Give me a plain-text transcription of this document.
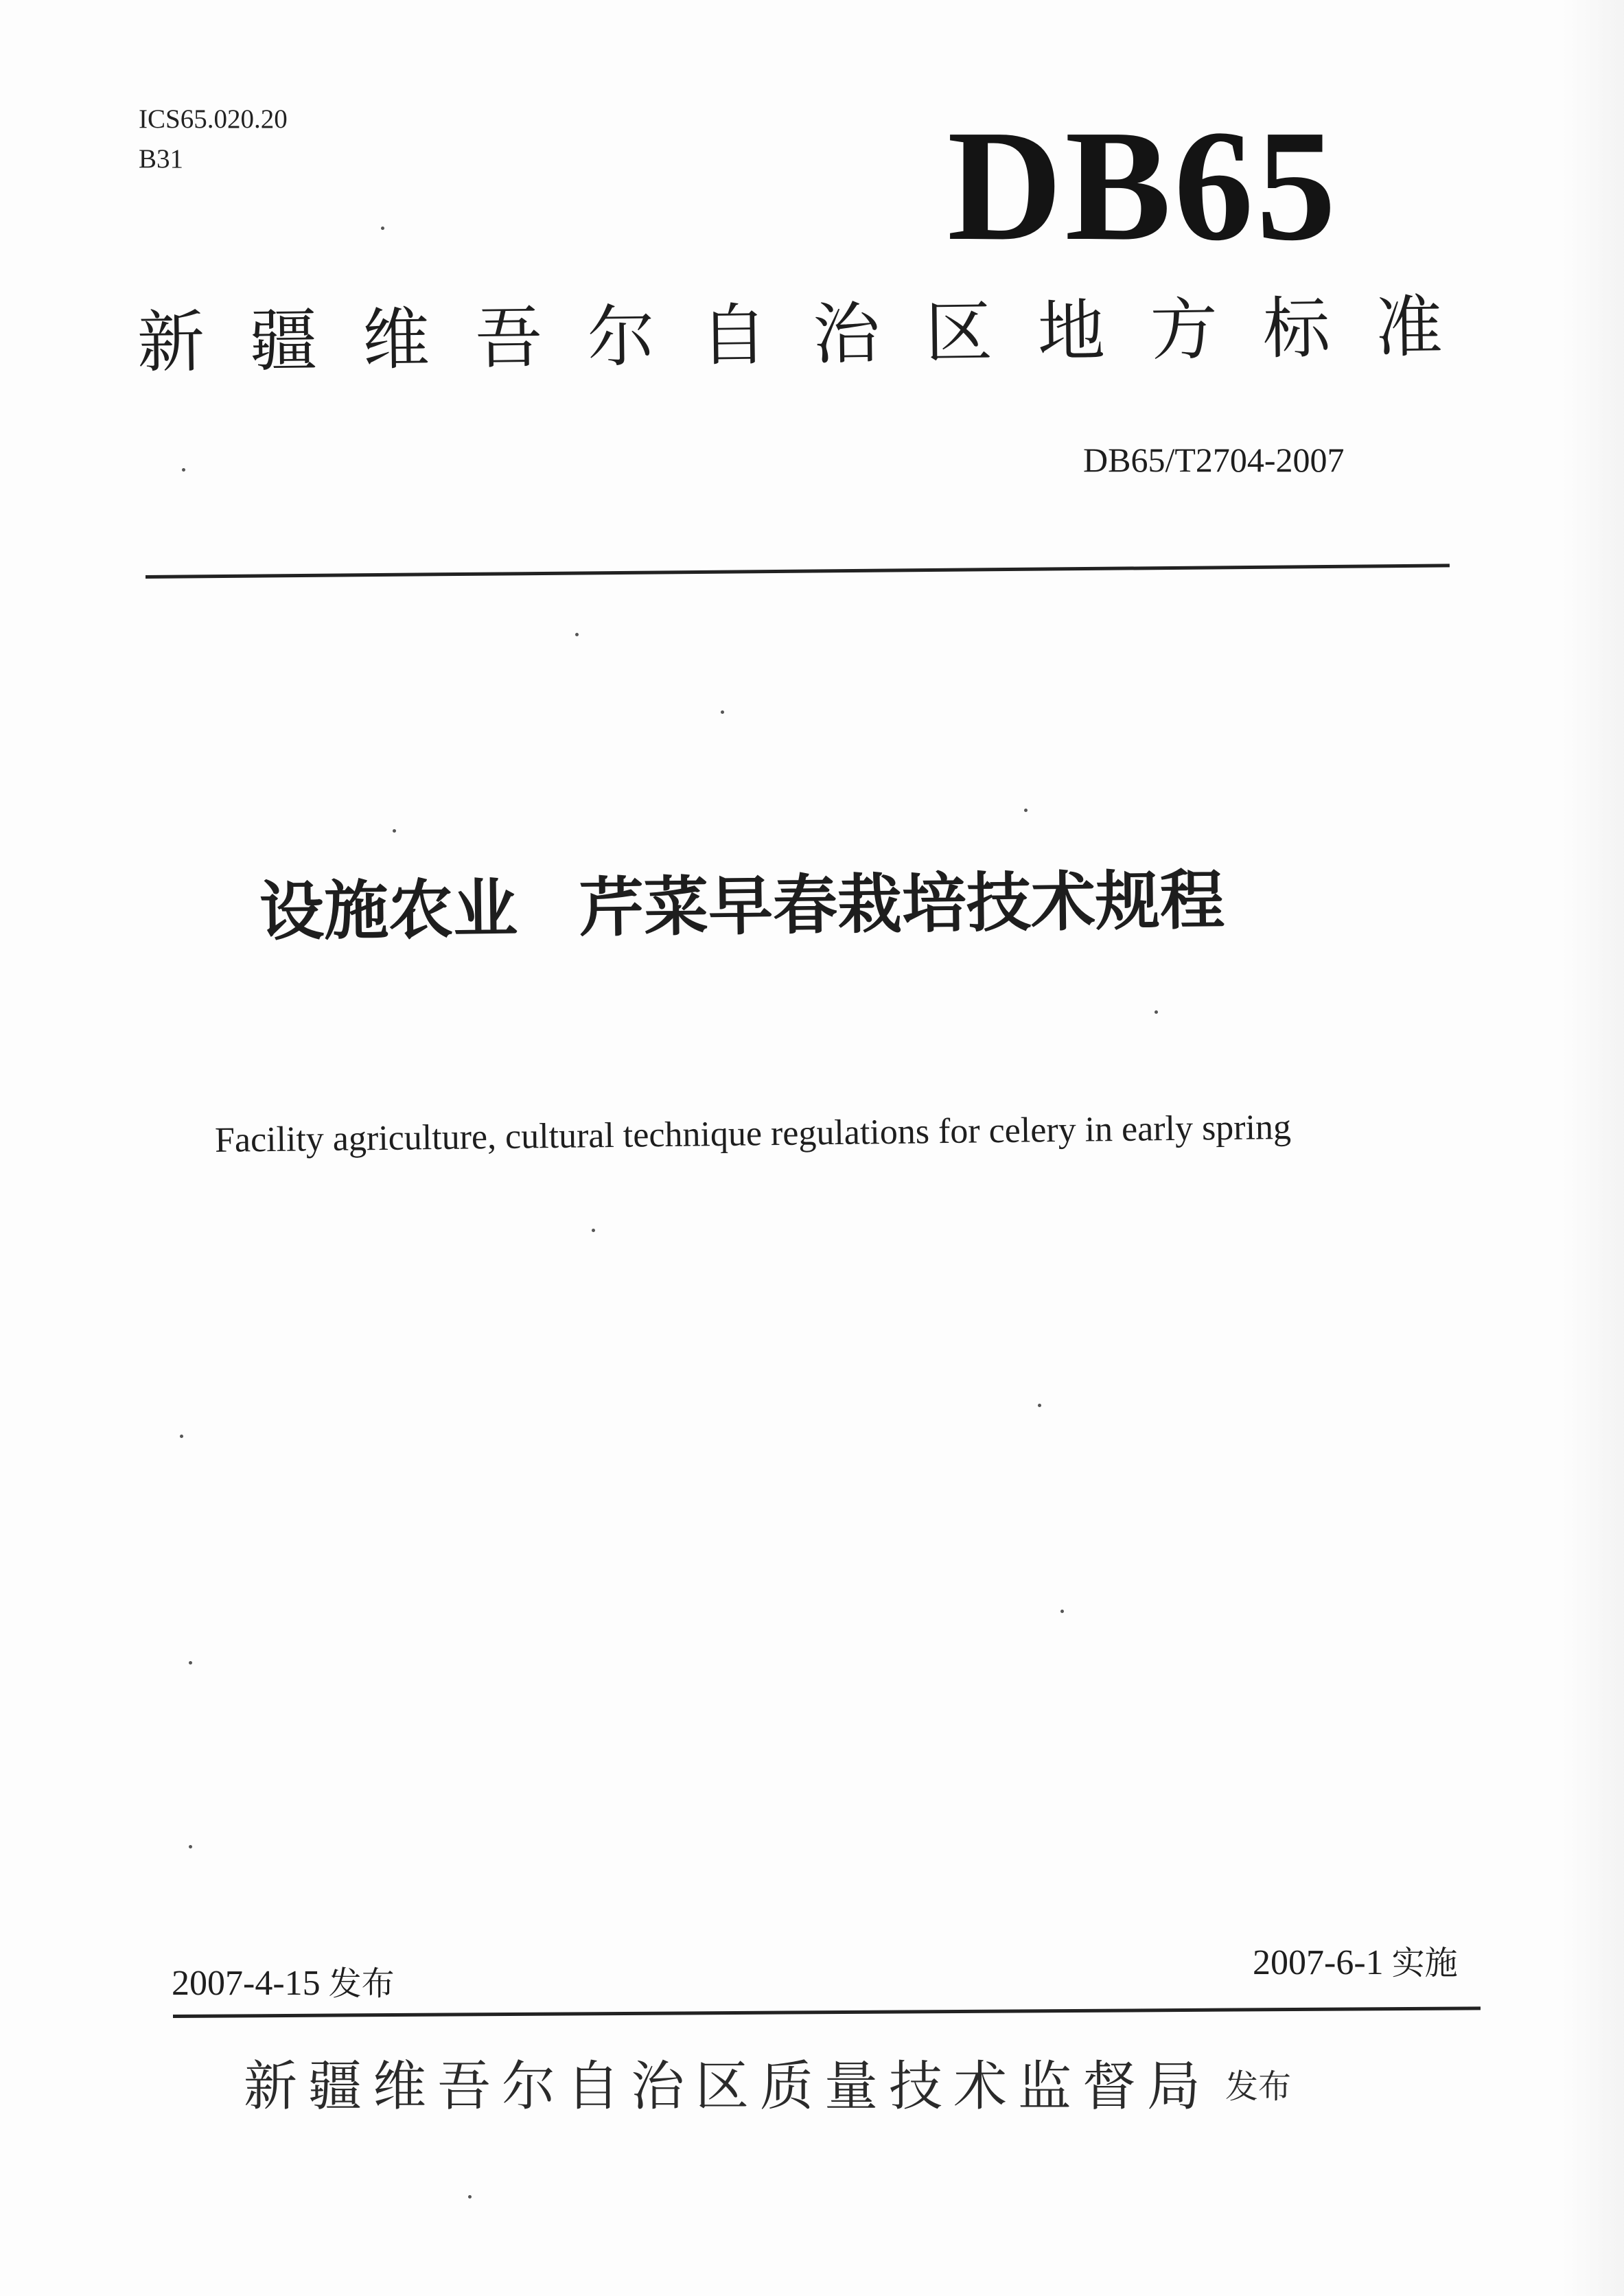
ICS65.020.20
B31	DB65
新疆维吾尔自治区地方标准
DB65/T2704-2007
设施农业 芹菜早春栽培技术规程
Facility agriculture, cultural technique regulations for celery in early spring
2007-4-15 发布
2007-6-1 实施
新疆维吾尔自治区质量技术监督局 发布
